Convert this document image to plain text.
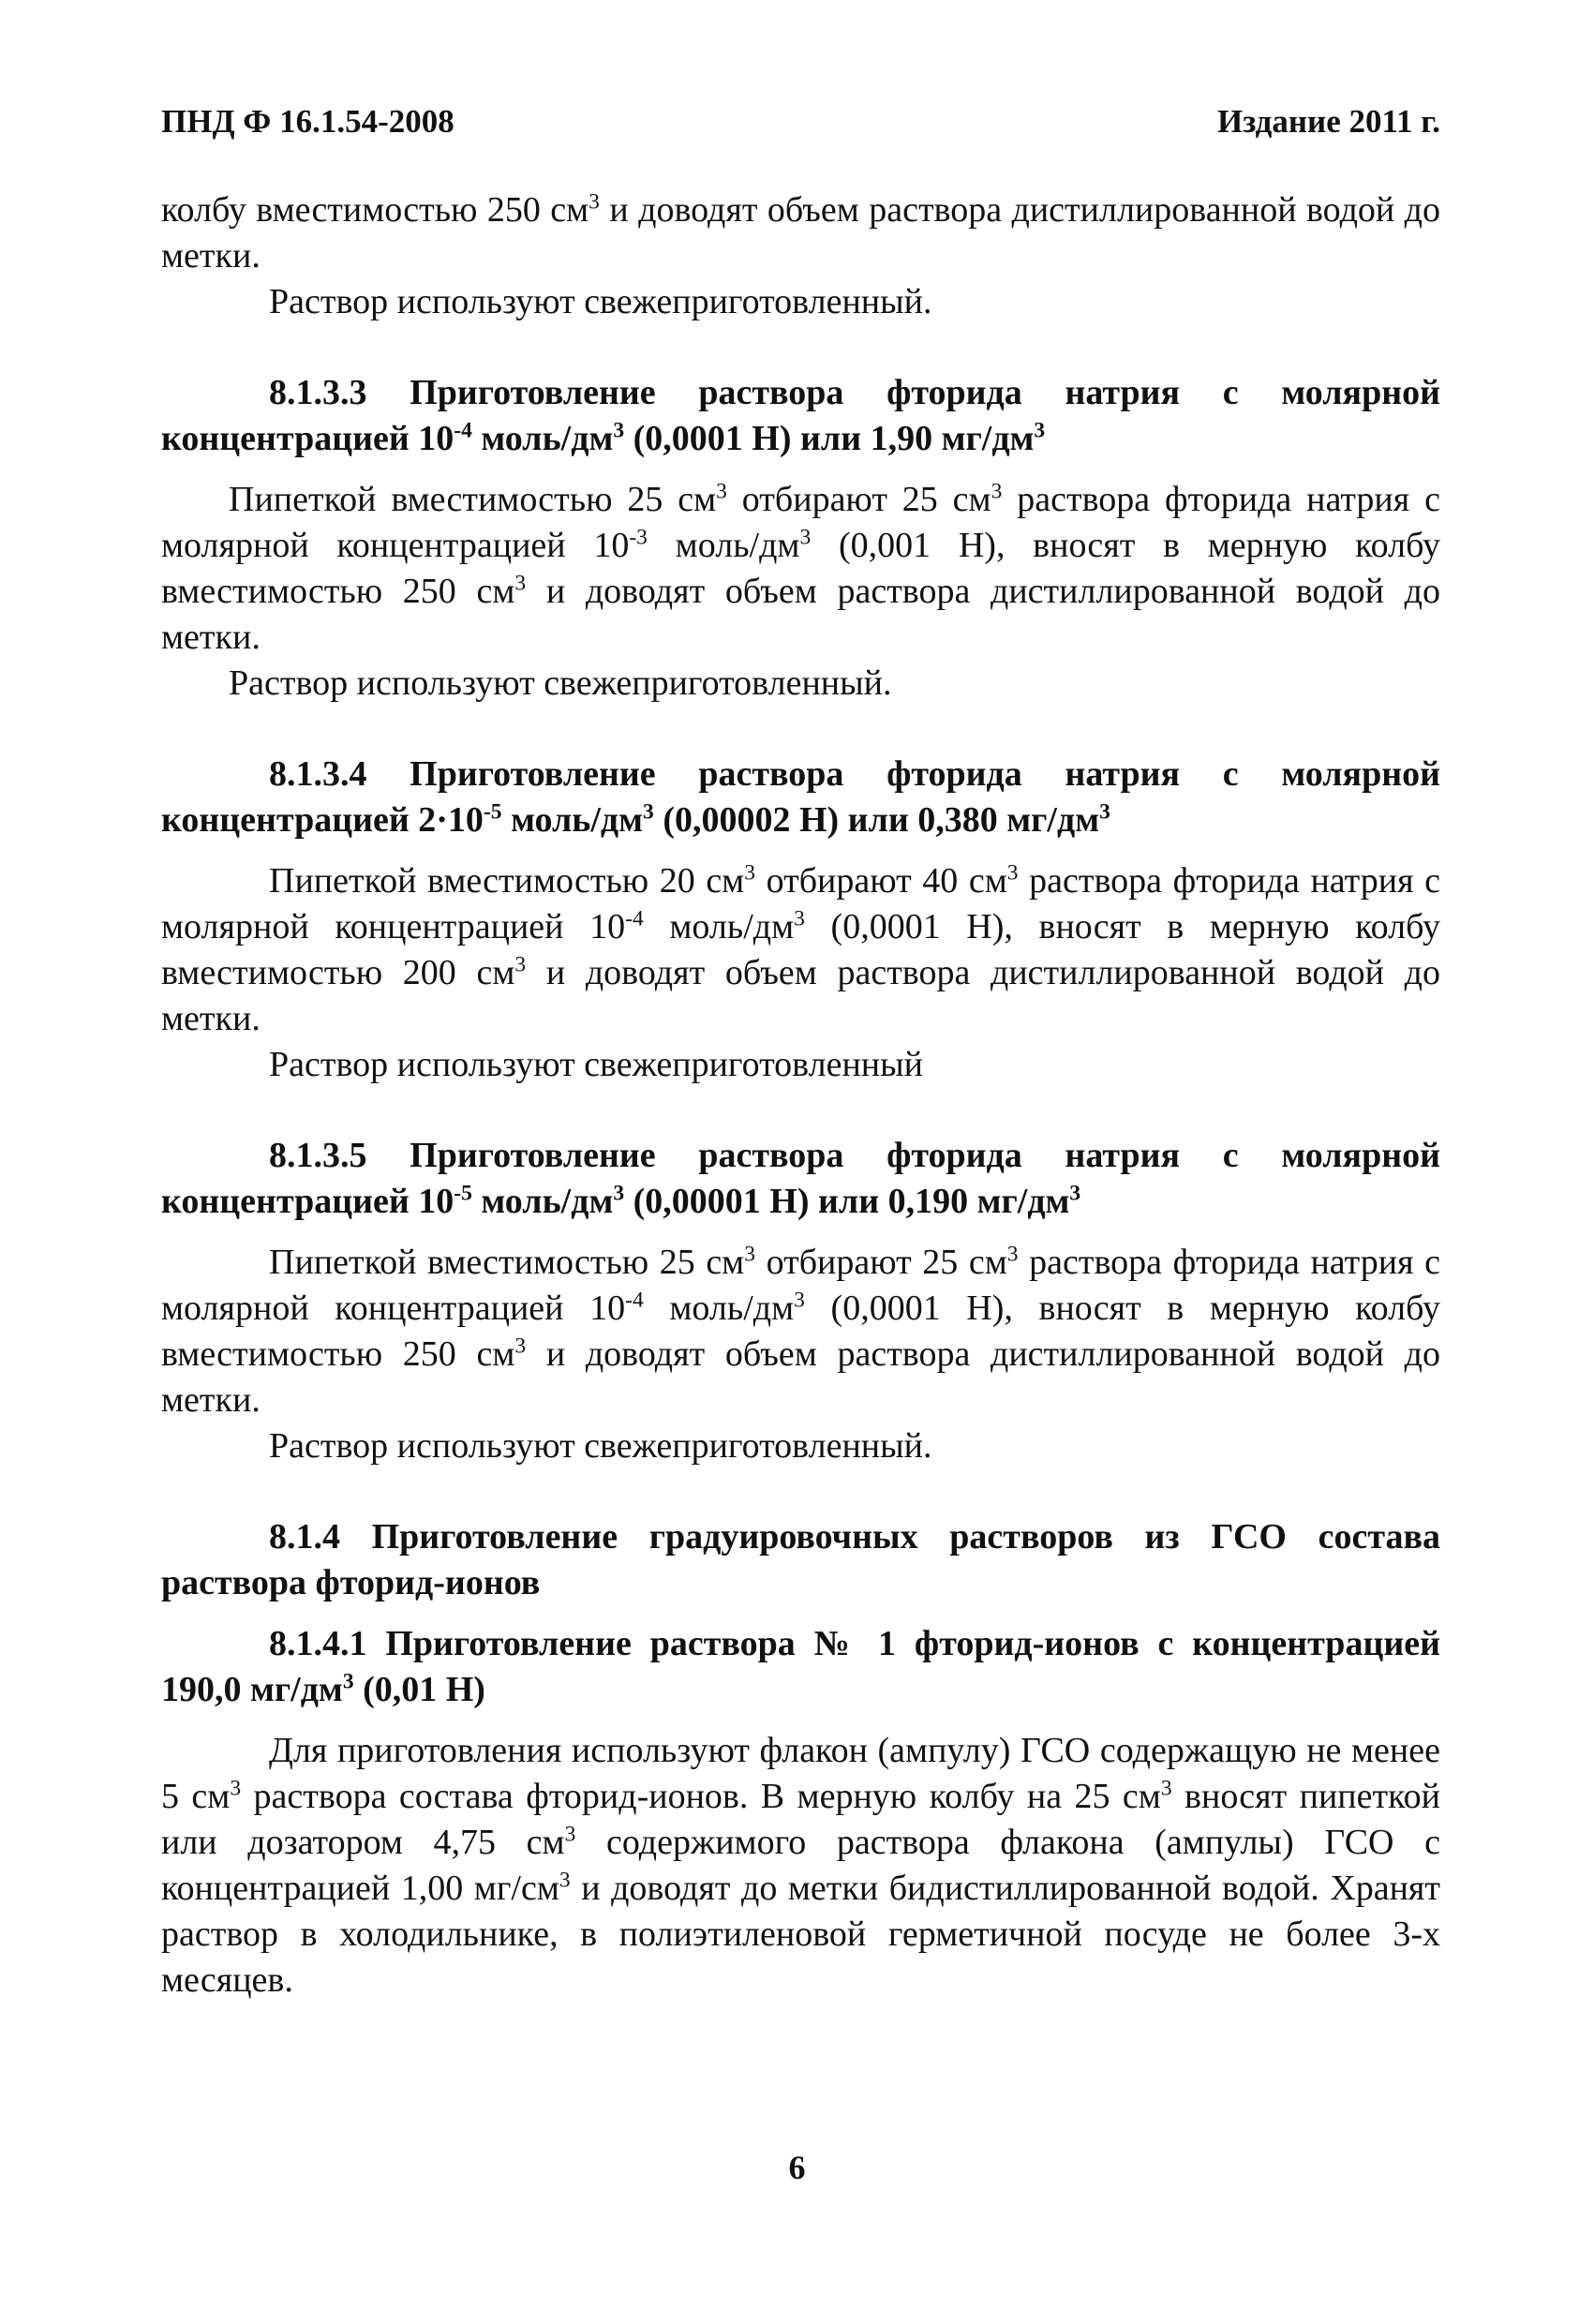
ПНД Ф 16.1.54-2008	Издание 2011 г.

колбу вместимостью 250 $см^3$ и доводят объем раствора дистиллированной водой до метки.

Раствор используют свежеприготовленный.

8.1.3.3 Приготовление раствора фторида натрия с молярной концентрацией $10^{-4}$ моль/$дм^3$ (0,0001 Н) или 1,90 $мг/дм^3$

Пипеткой вместимостью 25 $см^3$ отбирают 25 $см^3$ раствора фторида натрия с молярной концентрацией $10^{-3}$ моль/$дм^3$ (0,001 Н), вносят в мерную колбу вместимостью 250 $см^3$ и доводят объем раствора дистиллированной водой до метки.

Раствор используют свежеприготовленный.

8.1.3.4 Приготовление раствора фторида натрия с молярной концентрацией $2\cdot 10^{-5}$ моль/$дм^3$ (0,00002 Н) или 0,380 $мг/дм^3$

Пипеткой вместимостью 20 $см^3$ отбирают 40 $см^3$ раствора фторида натрия с молярной концентрацией $10^{-4}$ моль/$дм^3$ (0,0001 Н), вносят в мерную колбу вместимостью 200 $см^3$ и доводят объем раствора дистиллированной водой до метки.

Раствор используют свежеприготовленный

8.1.3.5 Приготовление раствора фторида натрия с молярной концентрацией $10^{-5}$ моль/$дм^3$ (0,00001 Н) или 0,190 $мг/дм^3$

Пипеткой вместимостью 25 $см^3$ отбирают 25 $см^3$ раствора фторида натрия с молярной концентрацией $10^{-4}$ моль/$дм^3$ (0,0001 Н), вносят в мерную колбу вместимостью 250 $см^3$ и доводят объем раствора дистиллированной водой до метки.

Раствор используют свежеприготовленный.

8.1.4 Приготовление градуировочных растворов из ГСО состава раствора фторид-ионов

8.1.4.1 Приготовление раствора № 1 фторид-ионов с концентрацией 190,0 $мг/дм^3$ (0,01 Н)

Для приготовления используют флакон (ампулу) ГСО содержащую не менее 5 $см^3$ раствора состава фторид-ионов. В мерную колбу на 25 $см^3$ вносят пипеткой или дозатором 4,75 $см^3$ содержимого раствора флакона (ампулы) ГСО с концентрацией 1,00 $мг/см^3$ и доводят до метки бидистиллированной водой. Хранят раствор в холодильнике, в полиэтиленовой герметичной посуде не более 3-х месяцев.

6
